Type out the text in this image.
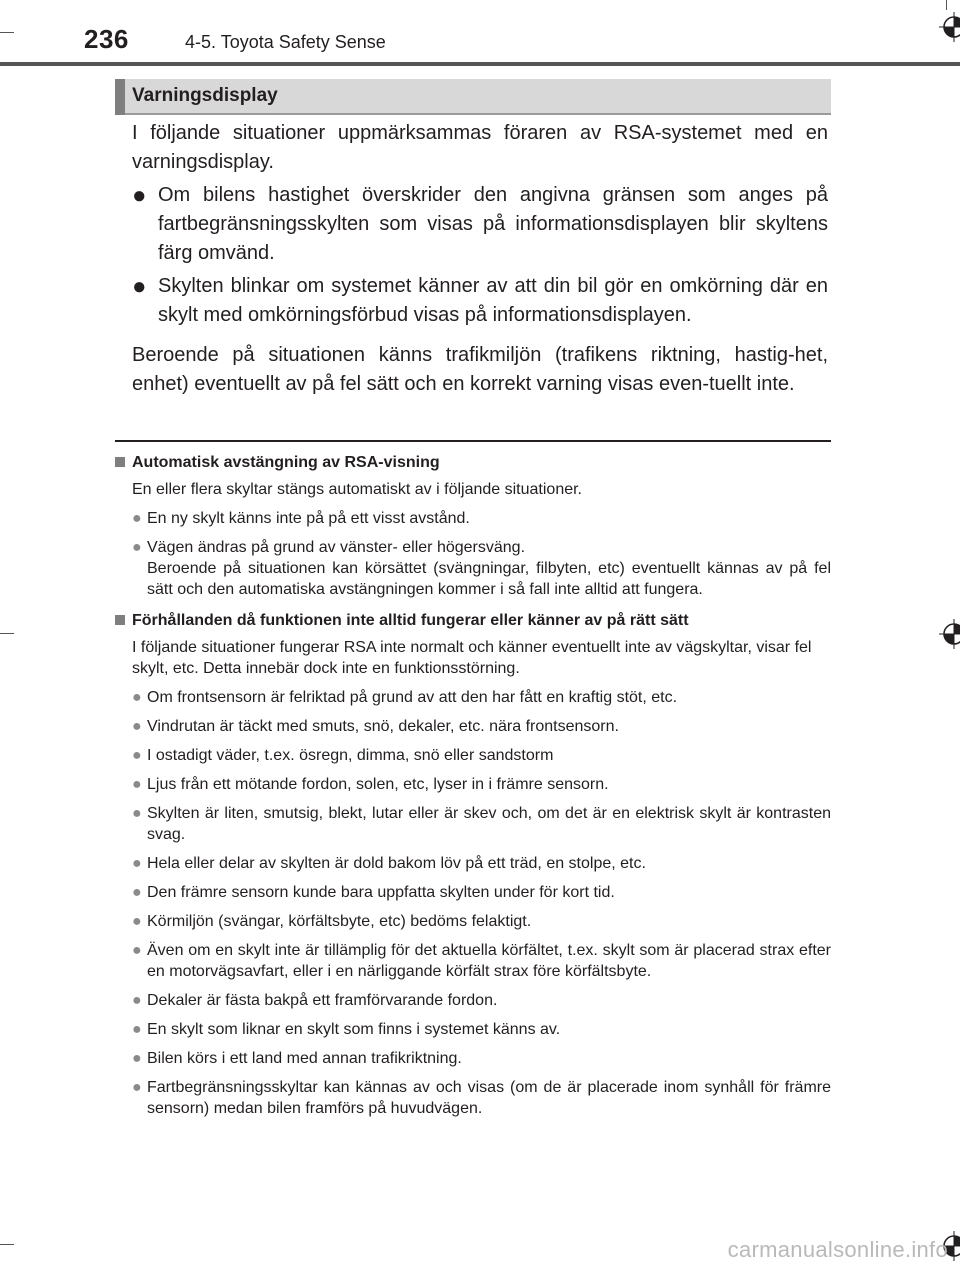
236	4-5. Toyota Safety Sense
Varningsdisplay

I följande situationer uppmärksammas föraren av RSA-systemet med en varningsdisplay.

● Om bilens hastighet överskrider den angivna gränsen som anges på fartbegränsningsskylten som visas på informationsdisplayen blir skyltens färg omvänd.
● Skylten blinkar om systemet känner av att din bil gör en omkörning där en skylt med omkörningsförbud visas på informationsdisplayen.

Beroende på situationen känns trafikmiljön (trafikens riktning, hastig-het, enhet) eventuellt av på fel sätt och en korrekt varning visas even-tuellt inte.

Automatisk avstängning av RSA-visning
En eller flera skyltar stängs automatiskt av i följande situationer.
● En ny skylt känns inte på på ett visst avstånd.
● Vägen ändras på grund av vänster- eller högersväng.
Beroende på situationen kan körsättet (svängningar, filbyten, etc) eventuellt kännas av på fel sätt och den automatiska avstängningen kommer i så fall inte alltid att fungera.
Förhållanden då funktionen inte alltid fungerar eller känner av på rätt sätt
I följande situationer fungerar RSA inte normalt och känner eventuellt inte av vägskyltar, visar fel skylt, etc. Detta innebär dock inte en funktionsstörning.
● Om frontsensorn är felriktad på grund av att den har fått en kraftig stöt, etc.
● Vindrutan är täckt med smuts, snö, dekaler, etc. nära frontsensorn.
● I ostadigt väder, t.ex. ösregn, dimma, snö eller sandstorm
● Ljus från ett mötande fordon, solen, etc, lyser in i främre sensorn.
● Skylten är liten, smutsig, blekt, lutar eller är skev och, om det är en elektrisk skylt är kontrasten svag.
● Hela eller delar av skylten är dold bakom löv på ett träd, en stolpe, etc.
● Den främre sensorn kunde bara uppfatta skylten under för kort tid.
● Körmiljön (svängar, körfältsbyte, etc) bedöms felaktigt.
● Även om en skylt inte är tillämplig för det aktuella körfältet, t.ex. skylt som är placerad strax efter en motorvägsavfart, eller i en närliggande körfält strax före körfältsbyte.
● Dekaler är fästa bakpå ett framförvarande fordon.
● En skylt som liknar en skylt som finns i systemet känns av.
● Bilen körs i ett land med annan trafikriktning.
● Fartbegränsningsskyltar kan kännas av och visas (om de är placerade inom synhåll för främre sensorn) medan bilen framförs på huvudvägen.
carmanualsonline.info
